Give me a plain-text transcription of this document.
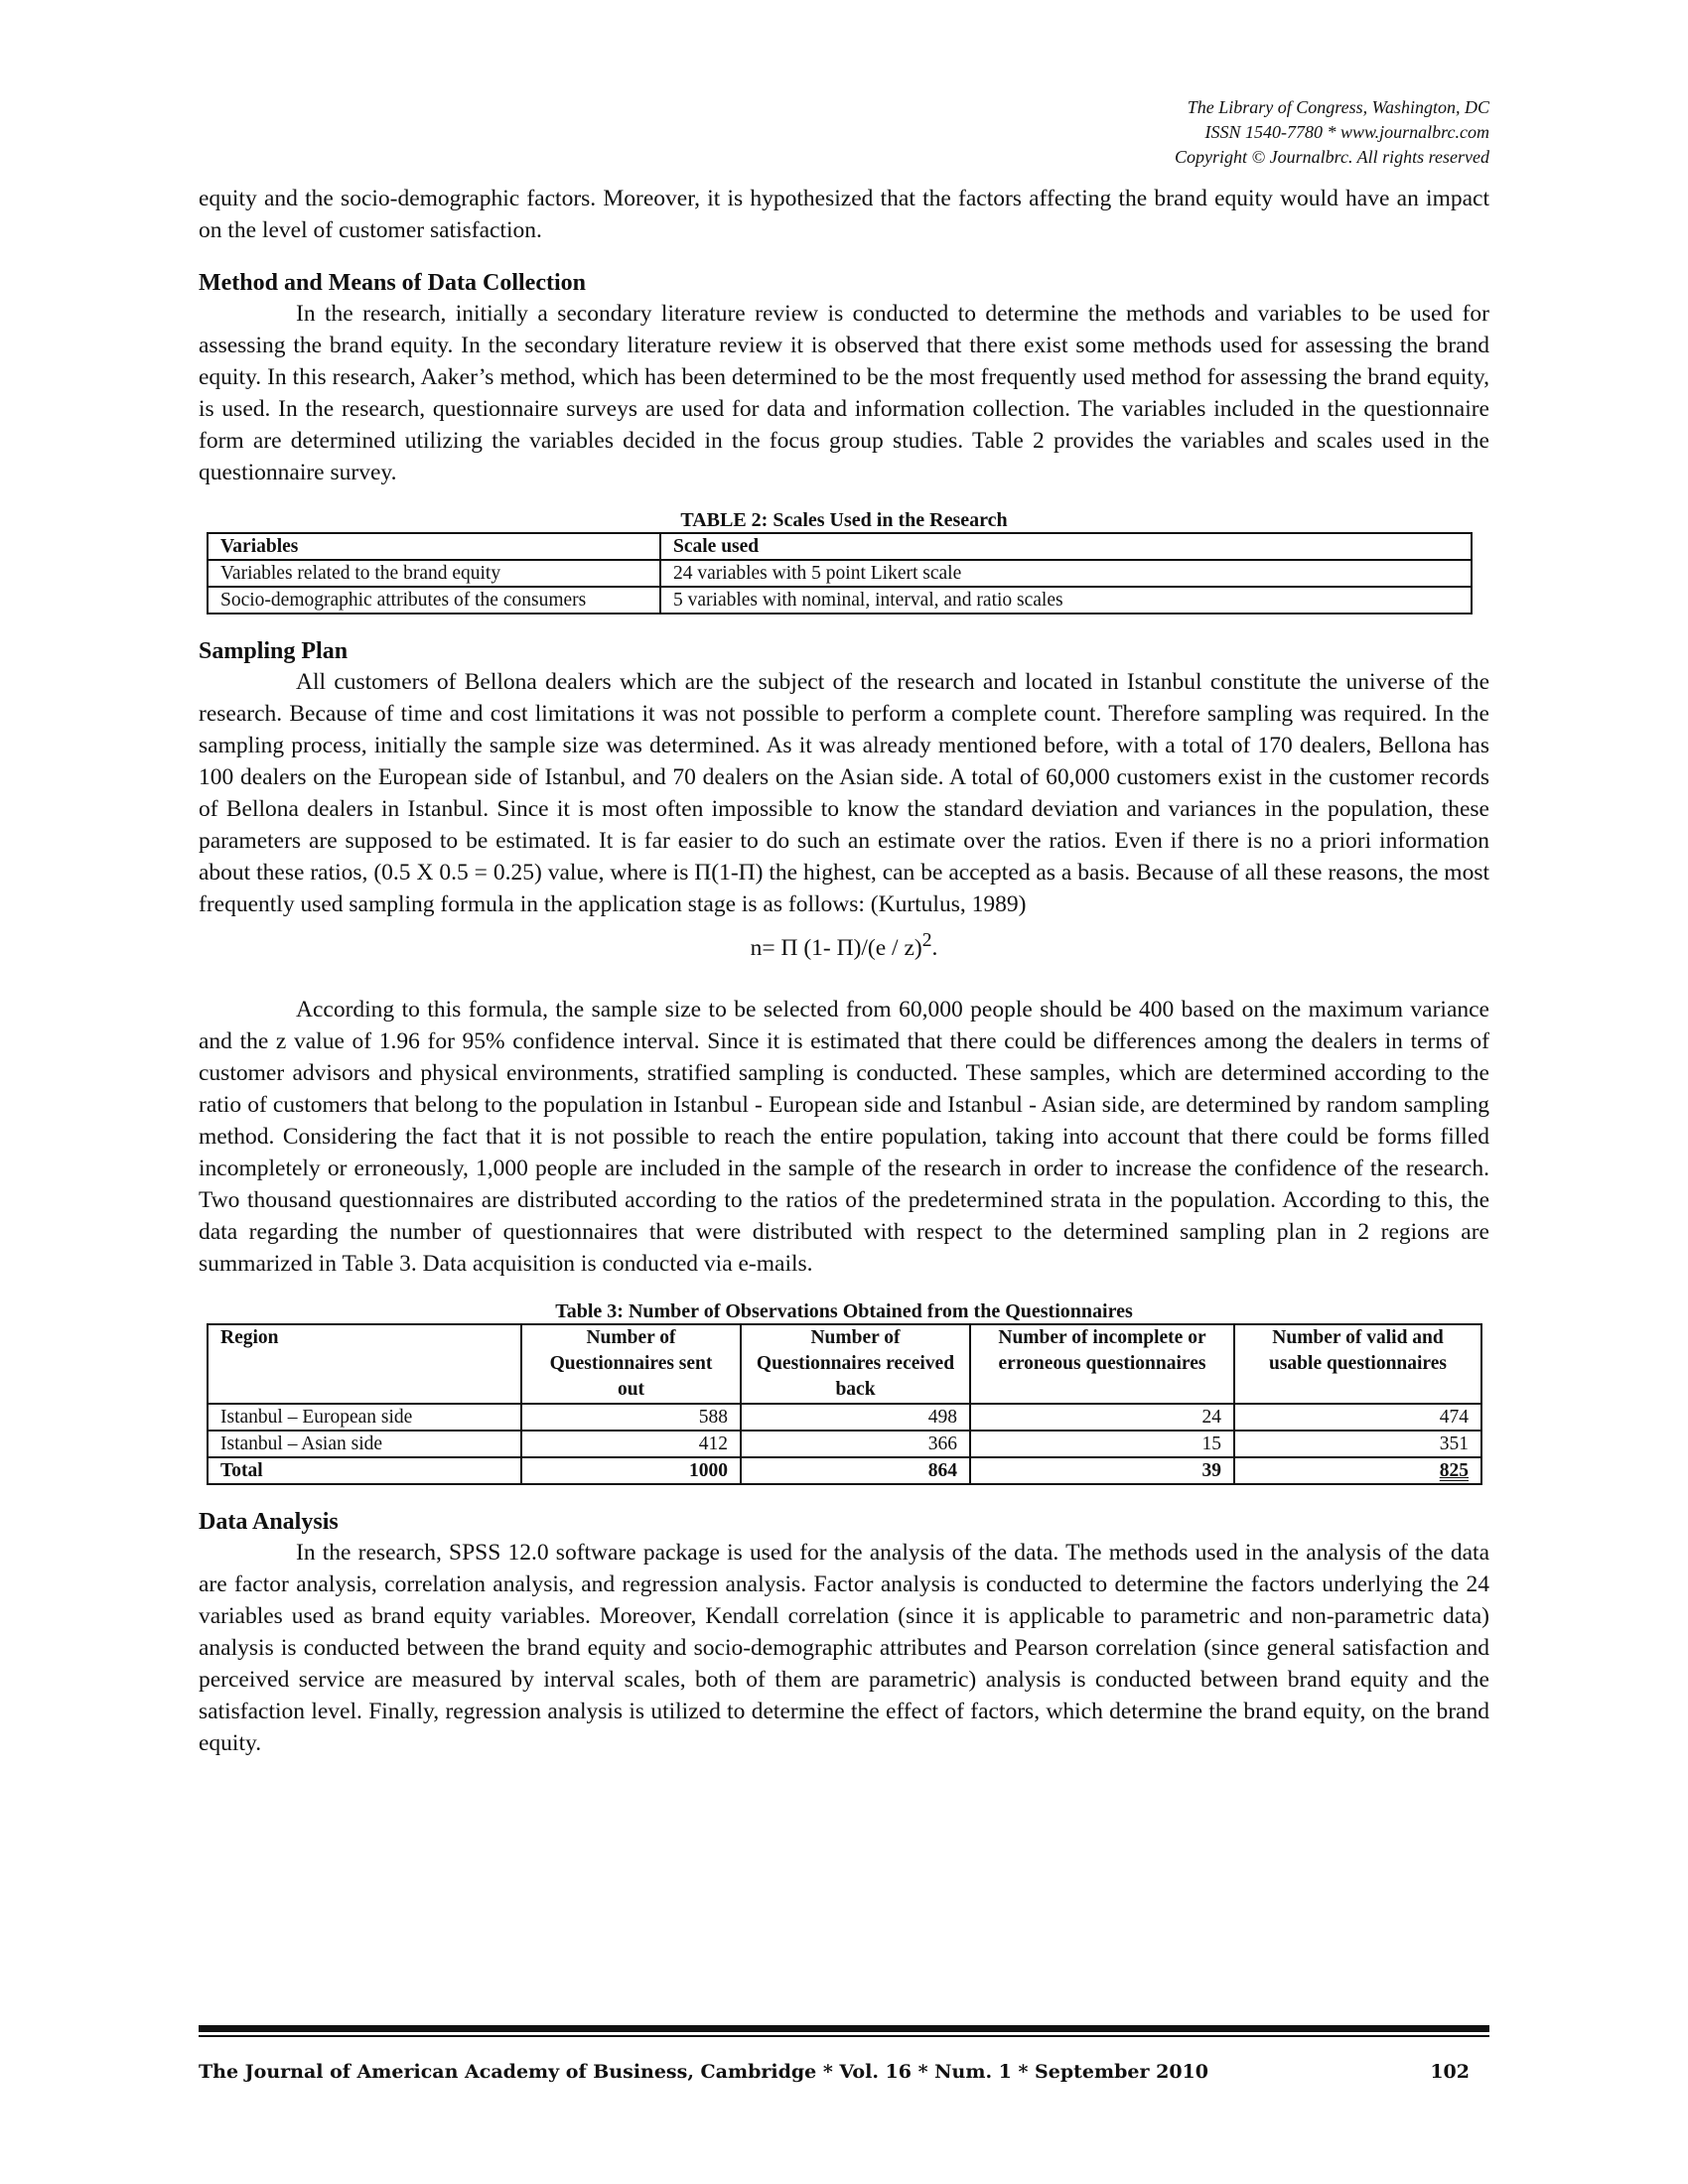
The Library of Congress, Washington, DC
ISSN 1540-7780 * www.journalbrc.com
Copyright © Journalbrc. All rights reserved

equity and the socio-demographic factors. Moreover, it is hypothesized that the factors affecting the brand equity would have an impact on the level of customer satisfaction.

Method and Means of Data Collection

In the research, initially a secondary literature review is conducted to determine the methods and variables to be used for assessing the brand equity. In the secondary literature review it is observed that there exist some methods used for assessing the brand equity. In this research, Aaker’s method, which has been determined to be the most frequently used method for assessing the brand equity, is used. In the research, questionnaire surveys are used for data and information collection. The variables included in the questionnaire form are determined utilizing the variables decided in the focus group studies. Table 2 provides the variables and scales used in the questionnaire survey.

TABLE 2: Scales Used in the Research
Variables	Scale used
Variables related to the brand equity	24 variables with 5 point Likert scale
Socio-demographic attributes of the consumers	5 variables with nominal, interval, and ratio scales
Sampling Plan

All customers of Bellona dealers which are the subject of the research and located in Istanbul constitute the universe of the research. Because of time and cost limitations it was not possible to perform a complete count. Therefore sampling was required. In the sampling process, initially the sample size was determined. As it was already mentioned before, with a total of 170 dealers, Bellona has 100 dealers on the European side of Istanbul, and 70 dealers on the Asian side. A total of 60,000 customers exist in the customer records of Bellona dealers in Istanbul. Since it is most often impossible to know the standard deviation and variances in the population, these parameters are supposed to be estimated. It is far easier to do such an estimate over the ratios. Even if there is no a priori information about these ratios, (0.5 X 0.5 = 0.25) value, where is Π(1-Π) the highest, can be accepted as a basis. Because of all these reasons, the most frequently used sampling formula in the application stage is as follows: (Kurtulus, 1989)

n= Π (1- Π)/(e / z)$^2$.

According to this formula, the sample size to be selected from 60,000 people should be 400 based on the maximum variance and the z value of 1.96 for 95% confidence interval. Since it is estimated that there could be differences among the dealers in terms of customer advisors and physical environments, stratified sampling is conducted. These samples, which are determined according to the ratio of customers that belong to the population in Istanbul - European side and Istanbul - Asian side, are determined by random sampling method. Considering the fact that it is not possible to reach the entire population, taking into account that there could be forms filled incompletely or erroneously, 1,000 people are included in the sample of the research in order to increase the confidence of the research. Two thousand questionnaires are distributed according to the ratios of the predetermined strata in the population. According to this, the data regarding the number of questionnaires that were distributed with respect to the determined sampling plan in 2 regions are summarized in Table 3. Data acquisition is conducted via e-mails.

Table 3: Number of Observations Obtained from the Questionnaires
Region	Number of Questionnaires sent out	Number of Questionnaires received back	Number of incomplete or erroneous questionnaires	Number of valid and usable questionnaires
Istanbul – European side	588	498	24	474
Istanbul – Asian side	412	366	15	351
Total	1000	864	39	825
Data Analysis

In the research, SPSS 12.0 software package is used for the analysis of the data. The methods used in the analysis of the data are factor analysis, correlation analysis, and regression analysis. Factor analysis is conducted to determine the factors underlying the 24 variables used as brand equity variables. Moreover, Kendall correlation (since it is applicable to parametric and non-parametric data) analysis is conducted between the brand equity and socio-demographic attributes and Pearson correlation (since general satisfaction and perceived service are measured by interval scales, both of them are parametric) analysis is conducted between brand equity and the satisfaction level. Finally, regression analysis is utilized to determine the effect of factors, which determine the brand equity, on the brand equity.

The Journal of American Academy of Business, Cambridge * Vol. 16 * Num. 1 * September 2010	102
